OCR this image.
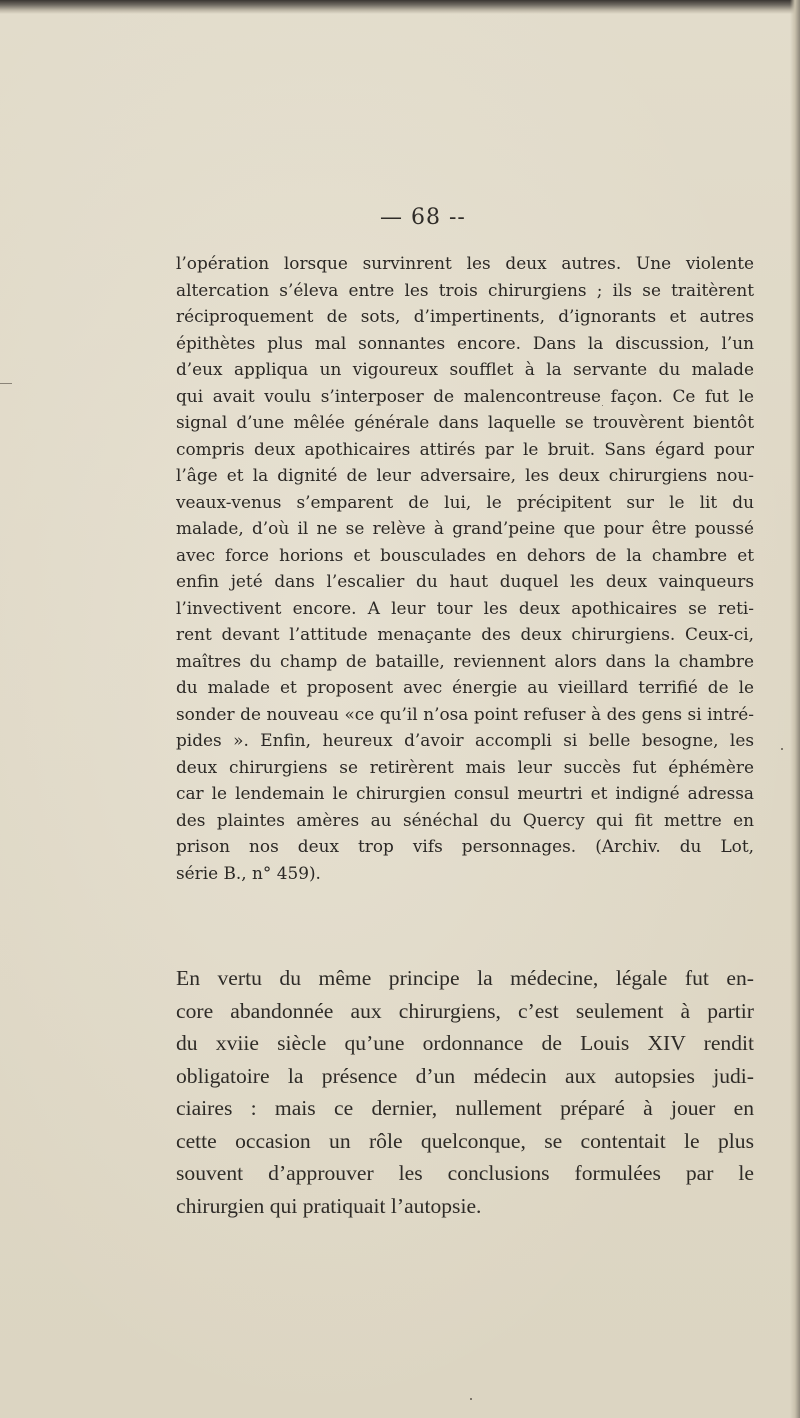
— 68 --
l’opération lorsque survinrent les deux autres. Une violente
altercation s’éleva entre les trois chirurgiens ; ils se traitèrent
réciproquement de sots, d’impertinents, d’ignorants et autres
épithètes plus mal sonnantes encore. Dans la discussion, l’un
d’eux appliqua un vigoureux soufflet à la servante du malade
qui avait voulu s’interposer de malencontreuse façon. Ce fut le
signal d’une mêlée générale dans laquelle se trouvèrent bientôt
compris deux apothicaires attirés par le bruit. Sans égard pour
l’âge et la dignité de leur adversaire, les deux chirurgiens nou-
veaux-venus s’emparent de lui, le précipitent sur le lit du
malade, d’où il ne se relève à grand’peine que pour être poussé
avec force horions et bousculades en dehors de la chambre et
enfin jeté dans l’escalier du haut duquel les deux vainqueurs
l’invectivent encore. A leur tour les deux apothicaires se reti-
rent devant l’attitude menaçante des deux chirurgiens. Ceux-ci,
maîtres du champ de bataille, reviennent alors dans la chambre
du malade et proposent avec énergie au vieillard terrifié de le
sonder de nouveau «ce qu’il n’osa point refuser à des gens si intré-
pides ». Enfin, heureux d’avoir accompli si belle besogne, les
deux chirurgiens se retirèrent mais leur succès fut éphémère
car le lendemain le chirurgien consul meurtri et indigné adressa
des plaintes amères au sénéchal du Quercy qui fit mettre en
prison nos deux trop vifs personnages. (Archiv. du Lot,
série B., n° 459).
En vertu du même principe la médecine, légale fut en-
core abandonnée aux chirurgiens, c’est seulement à partir
du xviie siècle qu’une ordonnance de Louis XIV rendit
obligatoire la présence d’un médecin aux autopsies judi-
ciaires : mais ce dernier, nullement préparé à jouer en
cette occasion un rôle quelconque, se contentait le plus
souvent d’approuver les conclusions formulées par le
chirurgien qui pratiquait l’autopsie.
